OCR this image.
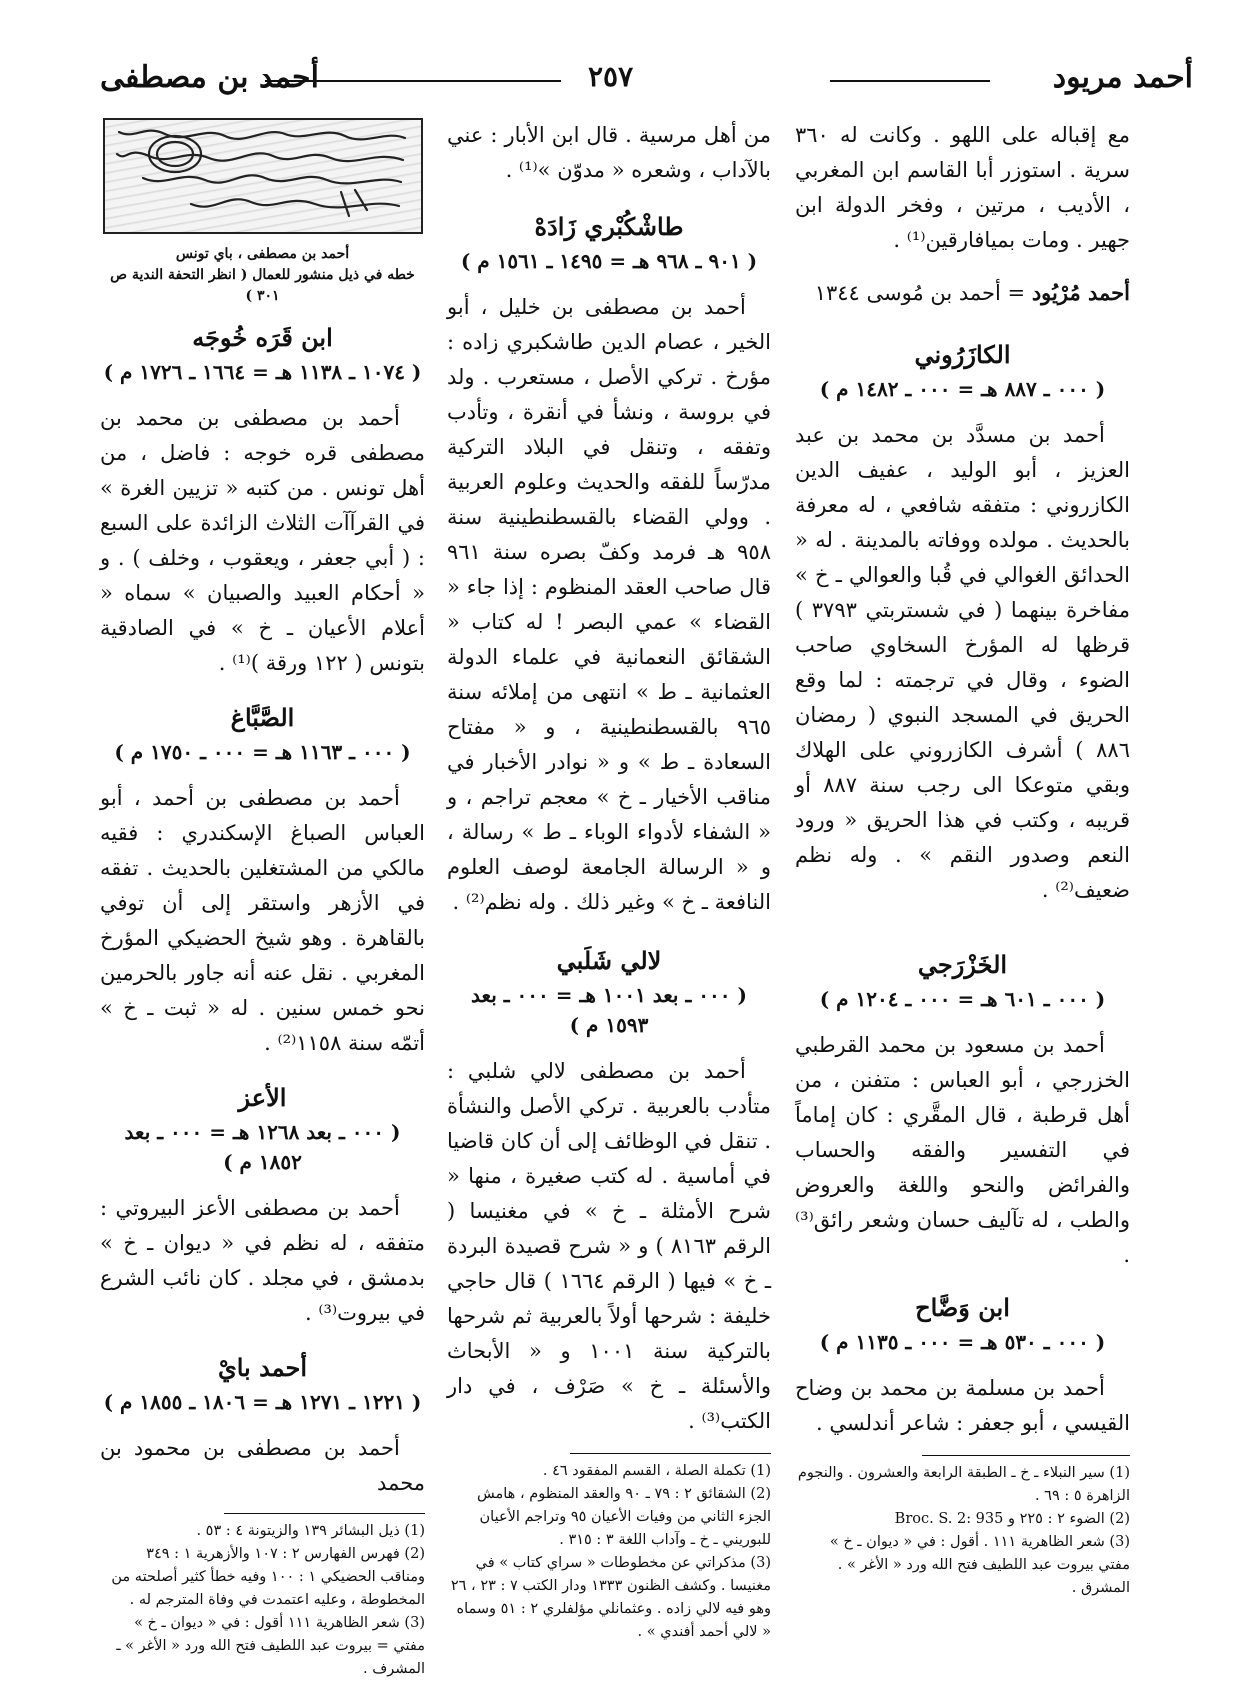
أحمد مريود
٢٥٧
أحمد بن مصطفى

مع إقباله على اللهو . وكانت له ٣٦٠ سرية . استوزر أبا القاسم ابن المغربي ، الأديب ، مرتين ، وفخر الدولة ابن جهير . ومات بميافارقين⁽¹⁾ .

أحمد مُرْيُود = أحمد بن مُوسى ١٣٤٤

الكازَرُوني

( ٠٠٠ ـ ٨٨٧ هـ = ٠٠٠ ـ ١٤٨٢ م )

أحمد بن مسدَّد بن محمد بن عبد العزيز ، أبو الوليد ، عفيف الدين الكازروني : متفقه شافعي ، له معرفة بالحديث . مولده ووفاته بالمدينة . له « الحدائق الغوالي في قُبا والعوالي ـ خ » مفاخرة بينهما ( في شستربتي ٣٧٩٣ ) قرظها له المؤرخ السخاوي صاحب الضوء ، وقال في ترجمته : لما وقع الحريق في المسجد النبوي ( رمضان ٨٨٦ ) أشرف الكازروني على الهلاك وبقي متوعكا الى رجب سنة ٨٨٧ أو قريبه ، وكتب في هذا الحريق « ورود النعم وصدور النقم » . وله نظم ضعيف⁽²⁾ .

الخَزْرَجي

( ٠٠٠ ـ ٦٠١ هـ = ٠٠٠ ـ ١٢٠٤ م )

أحمد بن مسعود بن محمد القرطبي الخزرجي ، أبو العباس : متفنن ، من أهل قرطبة ، قال المقَّري : كان إماماً في التفسير والفقه والحساب والفرائض والنحو واللغة والعروض والطب ، له تآليف حسان وشعر رائق⁽³⁾ .

ابن وَضَّاح

( ٠٠٠ ـ ٥٣٠ هـ = ٠٠٠ ـ ١١٣٥ م )

أحمد بن مسلمة بن محمد بن وضاح القيسي ، أبو جعفر : شاعر أندلسي .

(1) سير النبلاء ـ خ ـ الطبقة الرابعة والعشرون . والنجوم الزاهرة ٥ : ٦٩ .

(2) الضوء ٢ : ٢٢٥ و Broc. S. 2: 935

(3) شعر الظاهرية ١١١ . أقول : في « ديوان ـ خ » مفتي بيروت عبد اللطيف فتح الله ورد « الأغر » . المشرق .

من أهل مرسية . قال ابن الأبار : عني بالآداب ، وشعره « مدوّن »⁽¹⁾ .

طاشْكُبْري زَادَهْ

( ٩٠١ ـ ٩٦٨ هـ = ١٤٩٥ ـ ١٥٦١ م )

أحمد بن مصطفى بن خليل ، أبو الخير ، عصام الدين طاشكبري زاده : مؤرخ . تركي الأصل ، مستعرب . ولد في بروسة ، ونشأ في أنقرة ، وتأدب وتفقه ، وتنقل في البلاد التركية مدرّساً للفقه والحديث وعلوم العربية . وولي القضاء بالقسطنطينية سنة ٩٥٨ هـ فرمد وكفّ بصره سنة ٩٦١ قال صاحب العقد المنظوم : إذا جاء « القضاء » عمي البصر ! له كتاب « الشقائق النعمانية في علماء الدولة العثمانية ـ ط » انتهى من إملائه سنة ٩٦٥ بالقسطنطينية ، و « مفتاح السعادة ـ ط » و « نوادر الأخبار في مناقب الأخيار ـ خ » معجم تراجم ، و « الشفاء لأدواء الوباء ـ ط » رسالة ، و « الرسالة الجامعة لوصف العلوم النافعة ـ خ » وغير ذلك . وله نظم⁽²⁾ .

لالي شَلَبي

( ٠٠٠ ـ بعد ١٠٠١ هـ = ٠٠٠ ـ بعد ١٥٩٣ م )

أحمد بن مصطفى لالي شلبي : متأدب بالعربية . تركي الأصل والنشأة . تنقل في الوظائف إلى أن كان قاضيا في أماسية . له كتب صغيرة ، منها « شرح الأمثلة ـ خ » في مغنيسا ( الرقم ٨١٦٣ ) و « شرح قصيدة البردة ـ خ » فيها ( الرقم ١٦٦٤ ) قال حاجي خليفة : شرحها أولاً بالعربية ثم شرحها بالتركية سنة ١٠٠١ و « الأبحاث والأسئلة ـ خ » صَرْف ، في دار الكتب⁽³⁾ .

(1) تكملة الصلة ، القسم المفقود ٤٦ .

(2) الشقائق ٢ : ٧٩ ـ ٩٠ والعقد المنظوم ، هامش الجزء الثاني من وفيات الأعيان ٩٥ وتراجم الأعيان للبوريني ـ خ ـ وآداب اللغة ٣ : ٣١٥ .

(3) مذكراتي عن مخطوطات « سراي كتاب » في مغنيسا . وكشف الظنون ١٣٣٣ ودار الكتب ٧ : ٢٣ ، ٢٦ وهو فيه لالي زاده . وعثمانلي مؤلفلري ٢ : ٥١ وسماه « لالي أحمد أفندي » .

أحمد بن مصطفى ، باي تونس

خطه في ذيل منشور للعمال ( انظر التحفة الندية ص ٣٠١ )

ابن قَرَه خُوجَه

( ١٠٧٤ ـ ١١٣٨ هـ = ١٦٦٤ ـ ١٧٢٦ م )

أحمد بن مصطفى بن محمد بن مصطفى قره خوجه : فاضل ، من أهل تونس . من كتبه « تزيين الغرة » في القرآآت الثلاث الزائدة على السبع : ( أبي جعفر ، ويعقوب ، وخلف ) . و « أحكام العبيد والصبيان » سماه « أعلام الأعيان ـ خ » في الصادقية بتونس ( ١٢٢ ورقة )⁽¹⁾ .

الصَّبَّاغ

( ٠٠٠ ـ ١١٦٣ هـ = ٠٠٠ ـ ١٧٥٠ م )

أحمد بن مصطفى بن أحمد ، أبو العباس الصباغ الإسكندري : فقيه مالكي من المشتغلين بالحديث . تفقه في الأزهر واستقر إلى أن توفي بالقاهرة . وهو شيخ الحضيكي المؤرخ المغربي . نقل عنه أنه جاور بالحرمين نحو خمس سنين . له « ثبت ـ خ » أتمّه سنة ١١٥٨⁽²⁾ .

الأعز

( ٠٠٠ ـ بعد ١٢٦٨ هـ = ٠٠٠ ـ بعد ١٨٥٢ م )

أحمد بن مصطفى الأعز البيروتي : متفقه ، له نظم في « ديوان ـ خ » بدمشق ، في مجلد . كان نائب الشرع في بيروت⁽³⁾ .

أحمد بايْ

( ١٢٢١ ـ ١٢٧١ هـ = ١٨٠٦ ـ ١٨٥٥ م )

أحمد بن مصطفى بن محمود بن محمد

(1) ذيل البشائر ١٣٩ والزيتونة ٤ : ٥٣ .

(2) فهرس الفهارس ٢ : ١٠٧ والأزهرية ١ : ٣٤٩ ومناقب الحضيكي ١ : ١٠٠ وفيه خطأ كثير أصلحته من المخطوطة ، وعليه اعتمدت في وفاة المترجم له .

(3) شعر الظاهرية ١١١ أقول : في « ديوان ـ خ » مفتي = بيروت عبد اللطيف فتح الله ورد « الأغر » ـ المشرف .
